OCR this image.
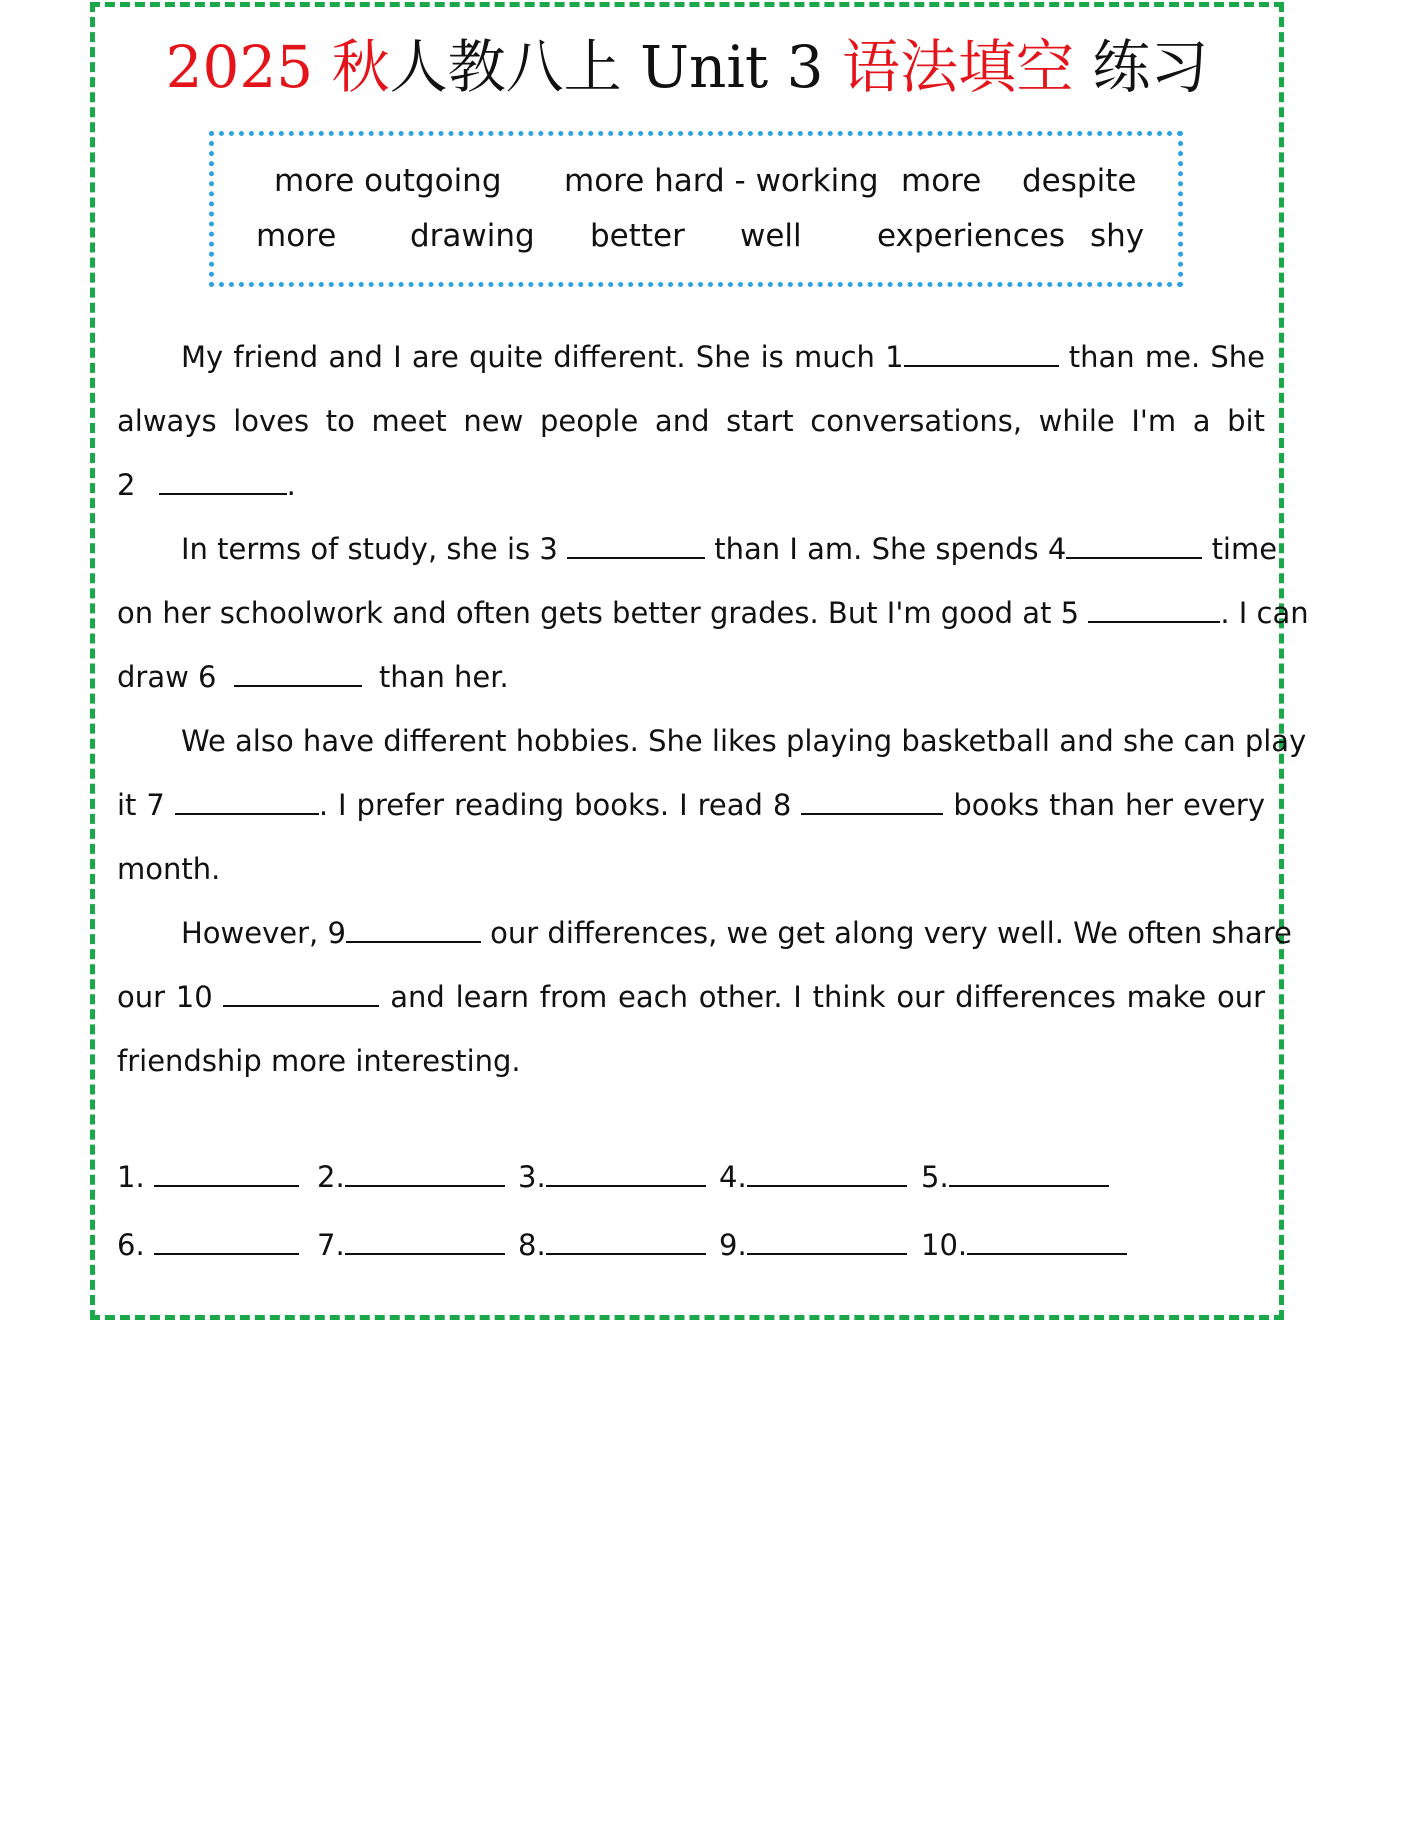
2025 秋人教八上 Unit 3 语法填空 练习
more outgoing more hard - working more despite
more drawing better well experiences shy
My friend and I are quite different. She is much 1	than me. She
always loves to meet new people and start conversations, while I'm a bit
2	.
In terms of study, she is 3	than I am. She spends 4	time
on her schoolwork and often gets better grades. But I'm good at 5	. I can
draw 6	than her.
We also have different hobbies. She likes playing basketball and she can play
it 7	. I prefer reading books. I read 8	books than her every
month.
However, 9	our differences, we get along very well. We often share
our 10	and learn from each other. I think our differences make our
friendship more interesting.
1.	2.	3.	4.	5.
6.	7.	8.	9.	10.
